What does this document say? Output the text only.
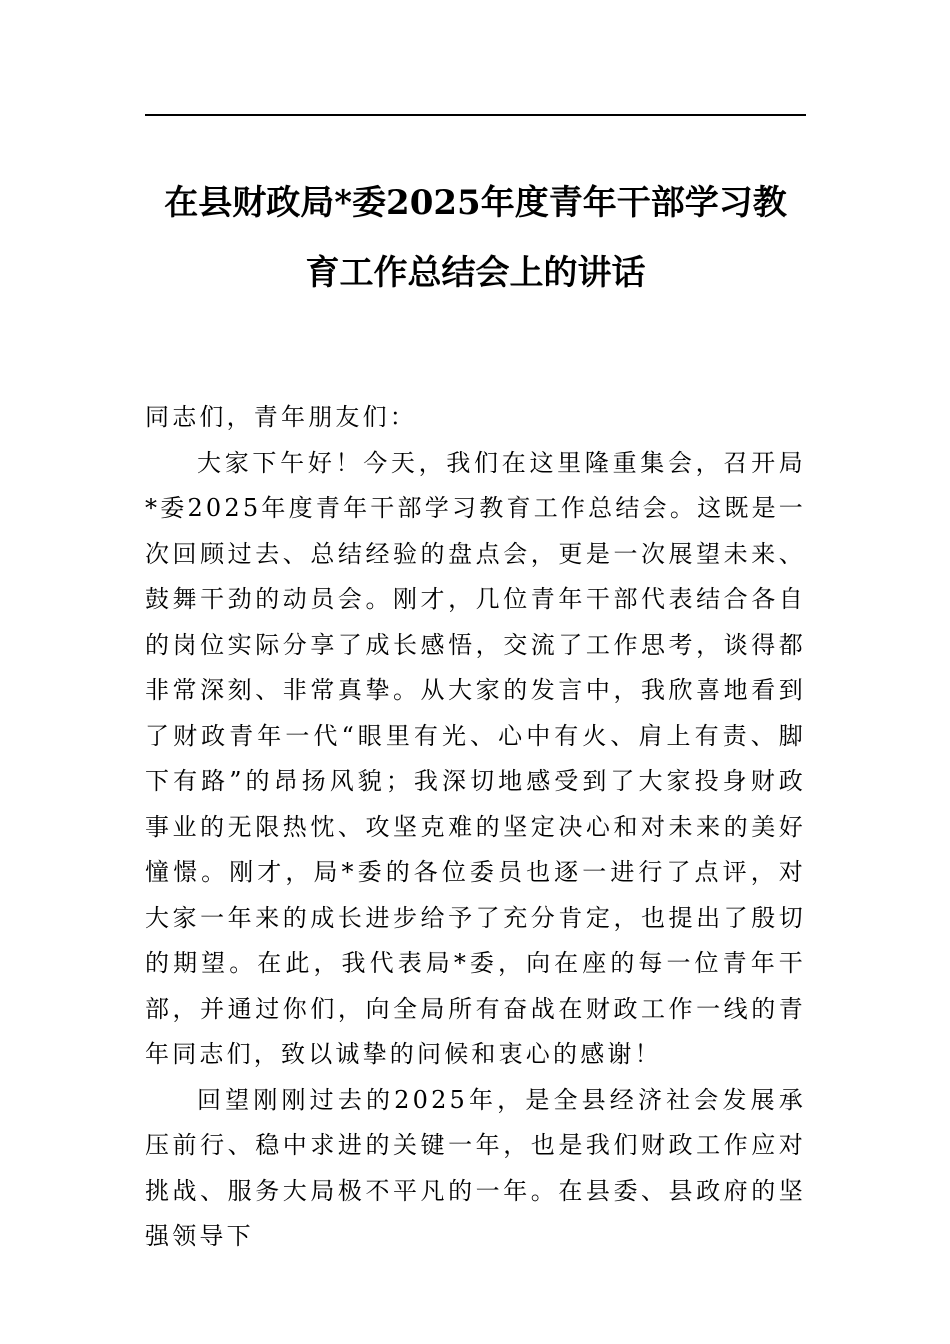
在县财政局*委2025年度青年干部学习教
育工作总结会上的讲话

同志们，青年朋友们：

大家下午好！今天，我们在这里隆重集会，召开局*委2025年度青年干部学习教育工作总结会。这既是一次回顾过去、总结经验的盘点会，更是一次展望未来、鼓舞干劲的动员会。刚才，几位青年干部代表结合各自的岗位实际分享了成长感悟，交流了工作思考，谈得都非常深刻、非常真挚。从大家的发言中，我欣喜地看到了财政青年一代“眼里有光、心中有火、肩上有责、脚下有路”的昂扬风貌；我深切地感受到了大家投身财政事业的无限热忱、攻坚克难的坚定决心和对未来的美好憧憬。刚才，局*委的各位委员也逐一进行了点评，对大家一年来的成长进步给予了充分肯定，也提出了殷切的期望。在此，我代表局*委，向在座的每一位青年干部，并通过你们，向全局所有奋战在财政工作一线的青年同志们，致以诚挚的问候和衷心的感谢！

回望刚刚过去的2025年，是全县经济社会发展承压前行、稳中求进的关键一年，也是我们财政工作应对挑战、服务大局极不平凡的一年。在县委、县政府的坚强领导下
